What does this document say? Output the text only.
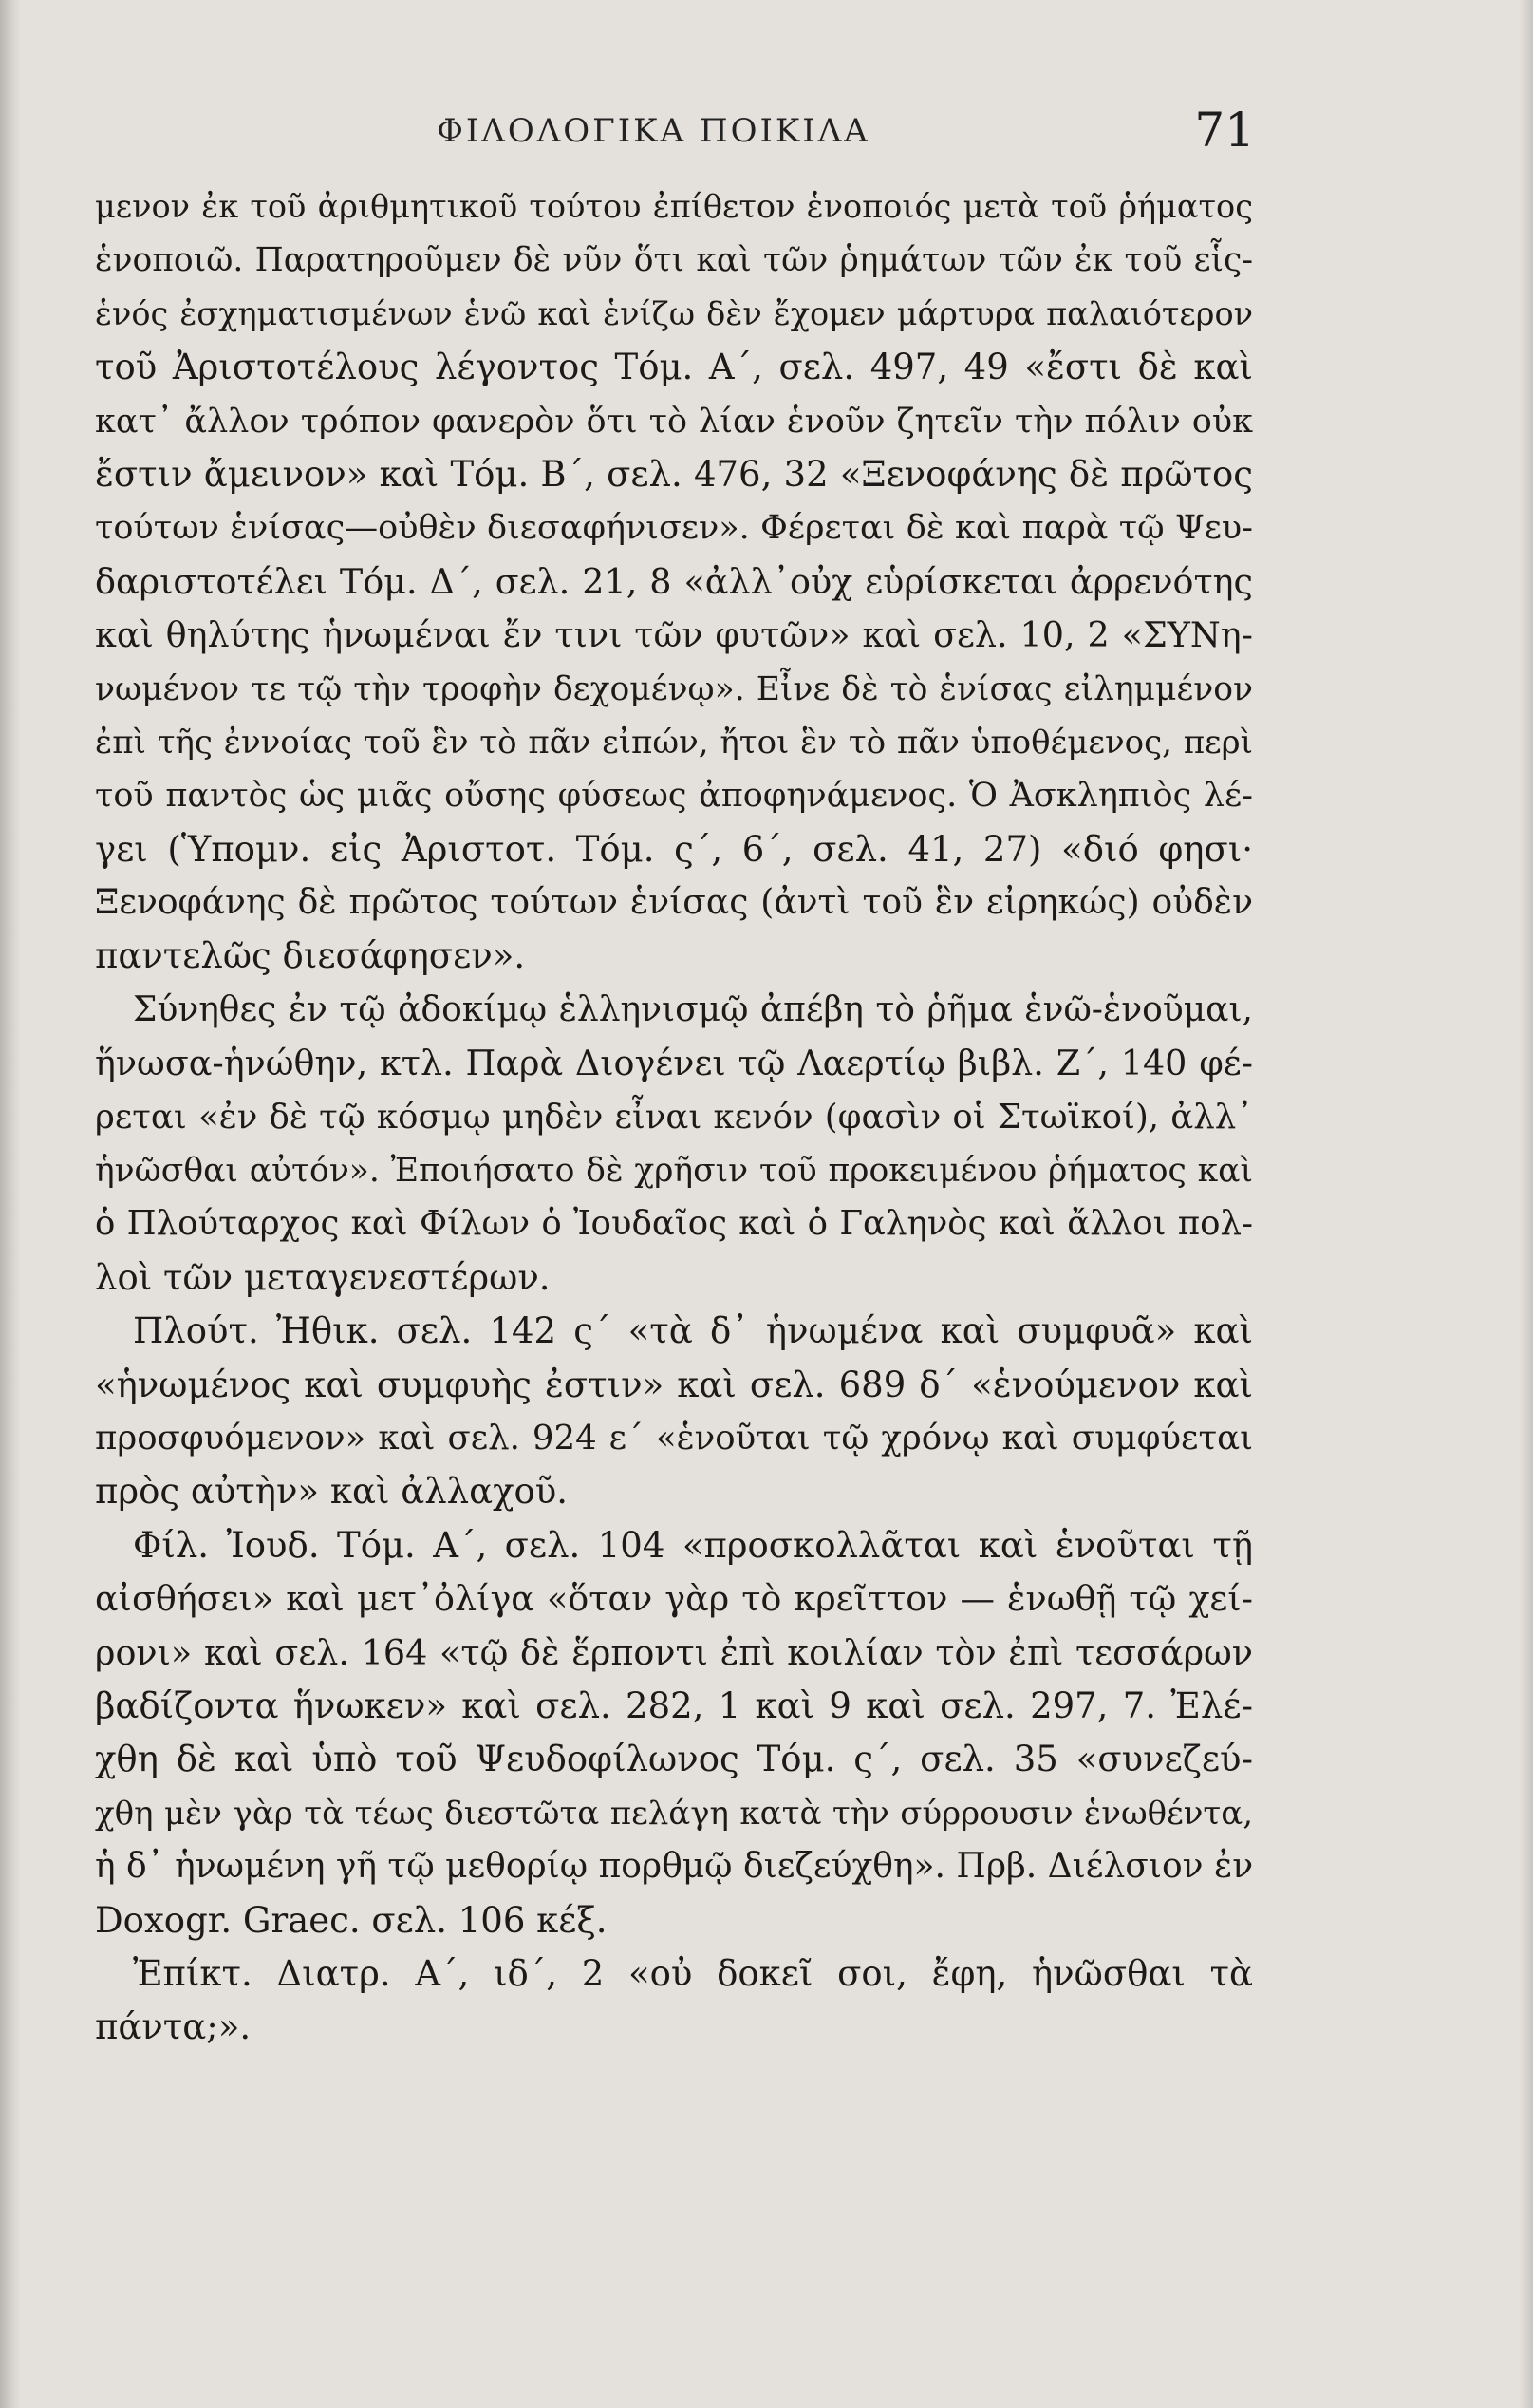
ΦΙΛΟΛΟΓΙΚΑ ΠΟΙΚΙΛΑ	71
μενον ἐκ τοῦ ἀριθμητικοῦ τούτου ἐπίθετον ἑνοποιός μετὰ τοῦ ῥήματος
ἑνοποιῶ. Παρατηροῦμεν δὲ νῦν ὅτι καὶ τῶν ῥημάτων τῶν ἐκ τοῦ εἷς-
ἑνός ἐσχηματισμένων ἑνῶ καὶ ἑνίζω δὲν ἔχομεν μάρτυρα παλαιότερον
τοῦ Ἀριστοτέλους λέγοντος Τόμ. Α΄, σελ. 497, 49 «ἔστι δὲ καὶ
κατ᾽ ἄλλον τρόπον φανερὸν ὅτι τὸ λίαν ἑνοῦν ζητεῖν τὴν πόλιν οὐκ
ἔστιν ἄμεινον» καὶ Τόμ. Β΄, σελ. 476, 32 «Ξενοφάνης δὲ πρῶτος
τούτων ἑνίσας—οὐθὲν διεσαφήνισεν». Φέρεται δὲ καὶ παρὰ τῷ Ψευ-
δαριστοτέλει Τόμ. Δ΄, σελ. 21, 8 «ἀλλ᾽οὐχ εὑρίσκεται ἀρρενότης
καὶ θηλύτης ἡνωμέναι ἔν τινι τῶν φυτῶν» καὶ σελ. 10, 2 «ΣΥΝη-
νωμένον τε τῷ τὴν τροφὴν δεχομένῳ». Εἶνε δὲ τὸ ἑνίσας εἰλημμένον
ἐπὶ τῆς ἐννοίας τοῦ ἓν τὸ πᾶν εἰπών, ἤτοι ἓν τὸ πᾶν ὑποθέμενος, περὶ
τοῦ παντὸς ὡς μιᾶς οὔσης φύσεως ἀποφηνάμενος. Ὁ Ἀσκληπιὸς λέ-
γει (Ὑπομν. εἰς Ἀριστοτ. Τόμ. ς΄, 6΄, σελ. 41, 27) «διό φησι·
Ξενοφάνης δὲ πρῶτος τούτων ἑνίσας (ἀντὶ τοῦ ἓν εἰρηκώς) οὐδὲν
παντελῶς διεσάφησεν».
Σύνηθες ἐν τῷ ἀδοκίμῳ ἑλληνισμῷ ἀπέβη τὸ ῥῆμα ἑνῶ-ἑνοῦμαι,
ἥνωσα-ἡνώθην, κτλ. Παρὰ Διογένει τῷ Λαερτίῳ βιβλ. Ζ΄, 140 φέ-
ρεται «ἐν δὲ τῷ κόσμῳ μηδὲν εἶναι κενόν (φασὶν οἱ Στωϊκοί), ἀλλ᾽
ἡνῶσθαι αὐτόν». Ἐποιήσατο δὲ χρῆσιν τοῦ προκειμένου ῥήματος καὶ
ὁ Πλούταρχος καὶ Φίλων ὁ Ἰουδαῖος καὶ ὁ Γαληνὸς καὶ ἄλλοι πολ-
λοὶ τῶν μεταγενεστέρων.
Πλούτ. Ἠθικ. σελ. 142 ς΄ «τὰ δ᾽ ἡνωμένα καὶ συμφυᾶ» καὶ
«ἡνωμένος καὶ συμφυὴς ἐστιν» καὶ σελ. 689 δ΄ «ἑνούμενον καὶ
προσφυόμενον» καὶ σελ. 924 ε΄ «ἑνοῦται τῷ χρόνῳ καὶ συμφύεται
πρὸς αὐτὴν» καὶ ἀλλαχοῦ.
Φίλ. Ἰουδ. Τόμ. Α΄, σελ. 104 «προσκολλᾶται καὶ ἑνοῦται τῇ
αἰσθήσει» καὶ μετ᾽ὀλίγα «ὅταν γὰρ τὸ κρεῖττον — ἑνωθῇ τῷ χεί-
ρονι» καὶ σελ. 164 «τῷ δὲ ἕρποντι ἐπὶ κοιλίαν τὸν ἐπὶ τεσσάρων
βαδίζοντα ἥνωκεν» καὶ σελ. 282, 1 καὶ 9 καὶ σελ. 297, 7. Ἐλέ-
χθη δὲ καὶ ὑπὸ τοῦ Ψευδοφίλωνος Τόμ. ς΄, σελ. 35 «συνεζεύ-
χθη μὲν γὰρ τὰ τέως διεστῶτα πελάγη κατὰ τὴν σύρρουσιν ἑνωθέντα,
ἡ δ᾽ ἡνωμένη γῆ τῷ μεθορίῳ πορθμῷ διεζεύχθη». Πρβ. Διέλσιον ἐν
Doxogr. Graec. σελ. 106 κέξ.
Ἐπίκτ. Διατρ. Α΄, ιδ΄, 2 «οὐ δοκεῖ σοι, ἔφη, ἡνῶσθαι τὰ
πάντα;».
